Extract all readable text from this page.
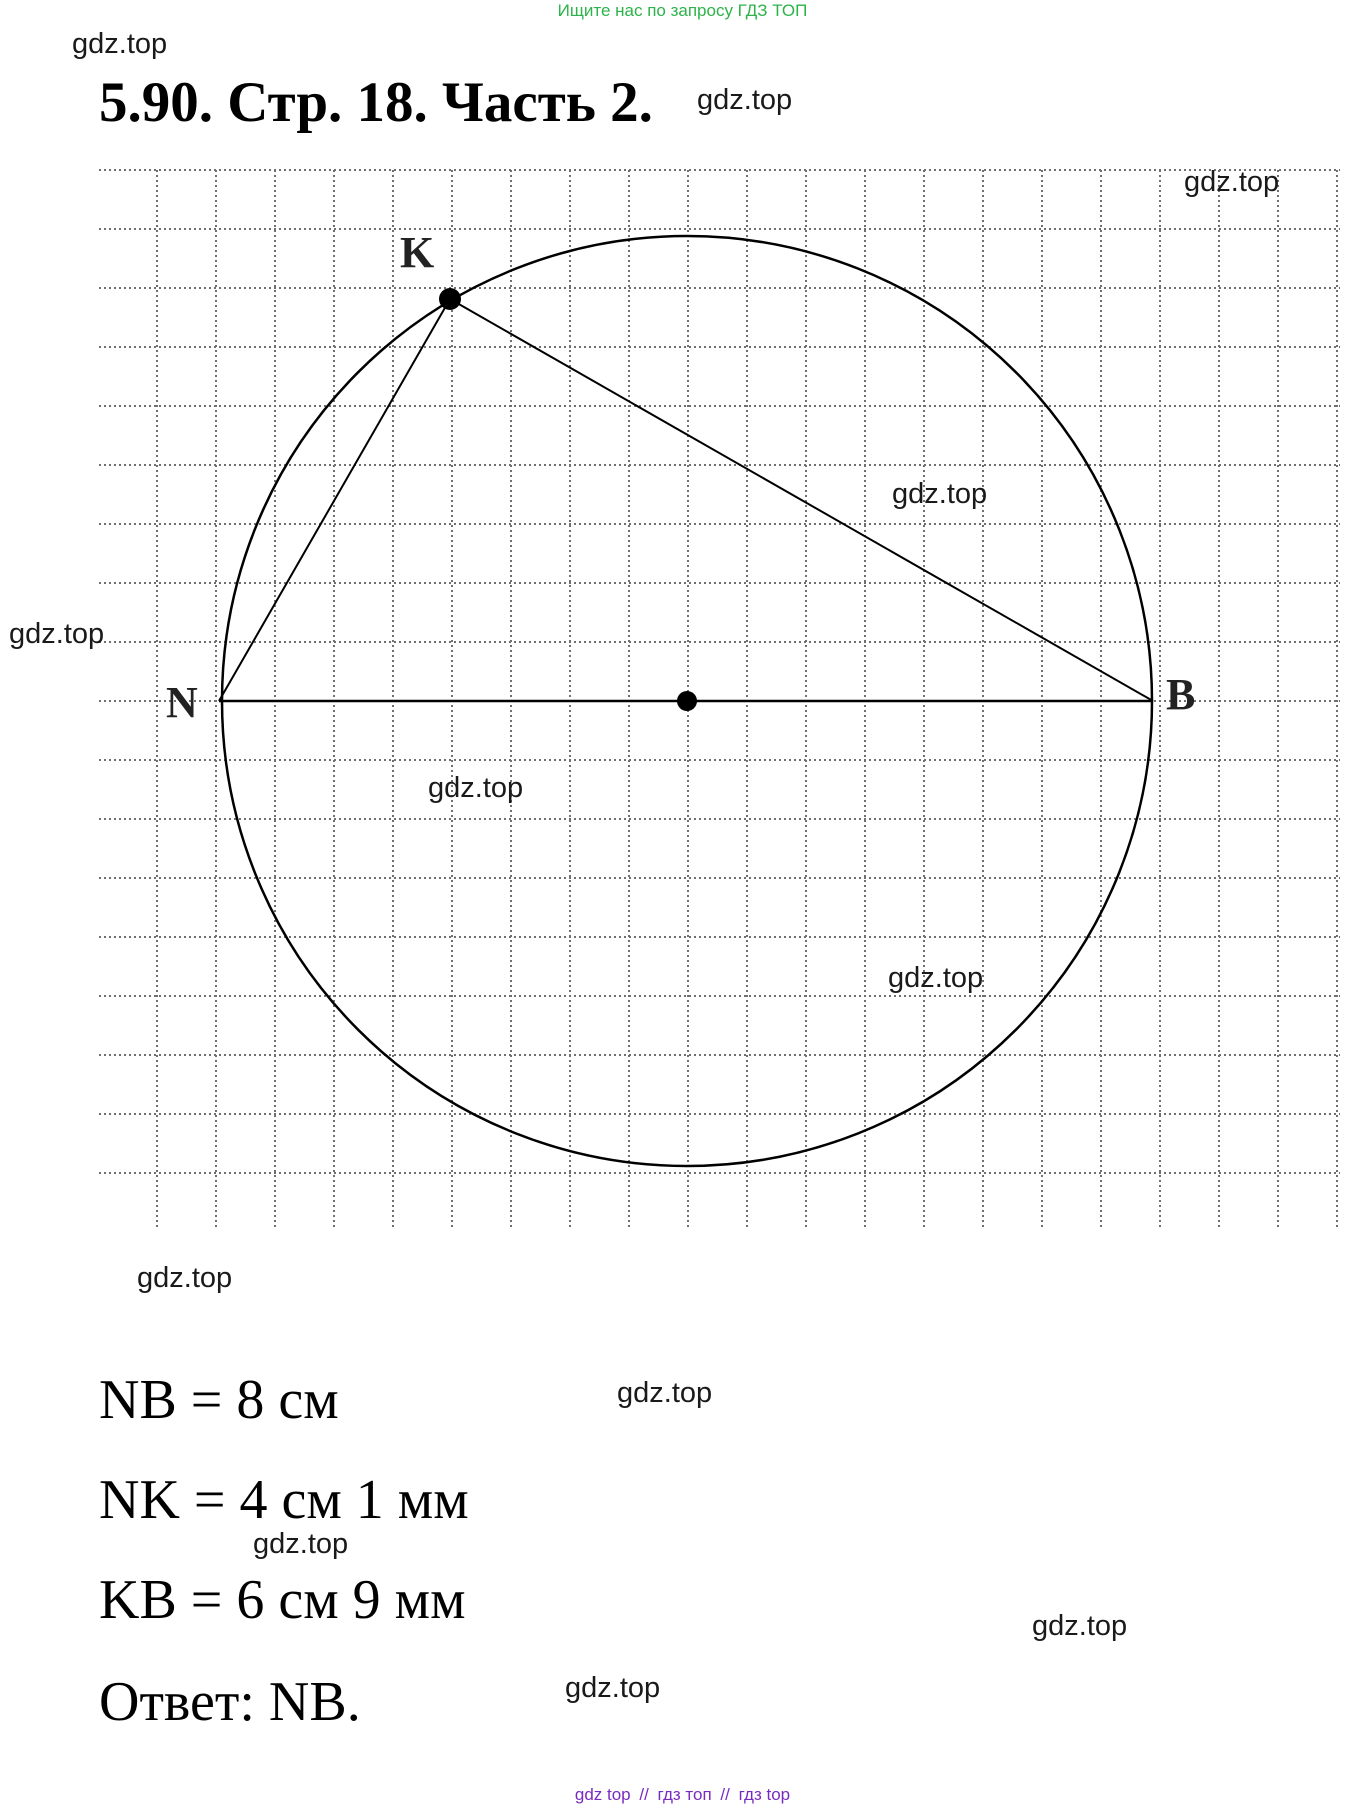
Ищите нас по запросу ГДЗ ТОП
5.90. Стр. 18. Часть 2.
K
N	B
gdz.top
gdz.top
gdz.top
gdz.top
gdz.top
gdz.top
gdz.top
gdz.top
gdz.top
gdz.top
gdz.top
gdz.top
NB = 8 см
NK = 4 см 1 мм
KB = 6 см 9 мм
Ответ: NB.
gdz top // гдз топ // гдз top
